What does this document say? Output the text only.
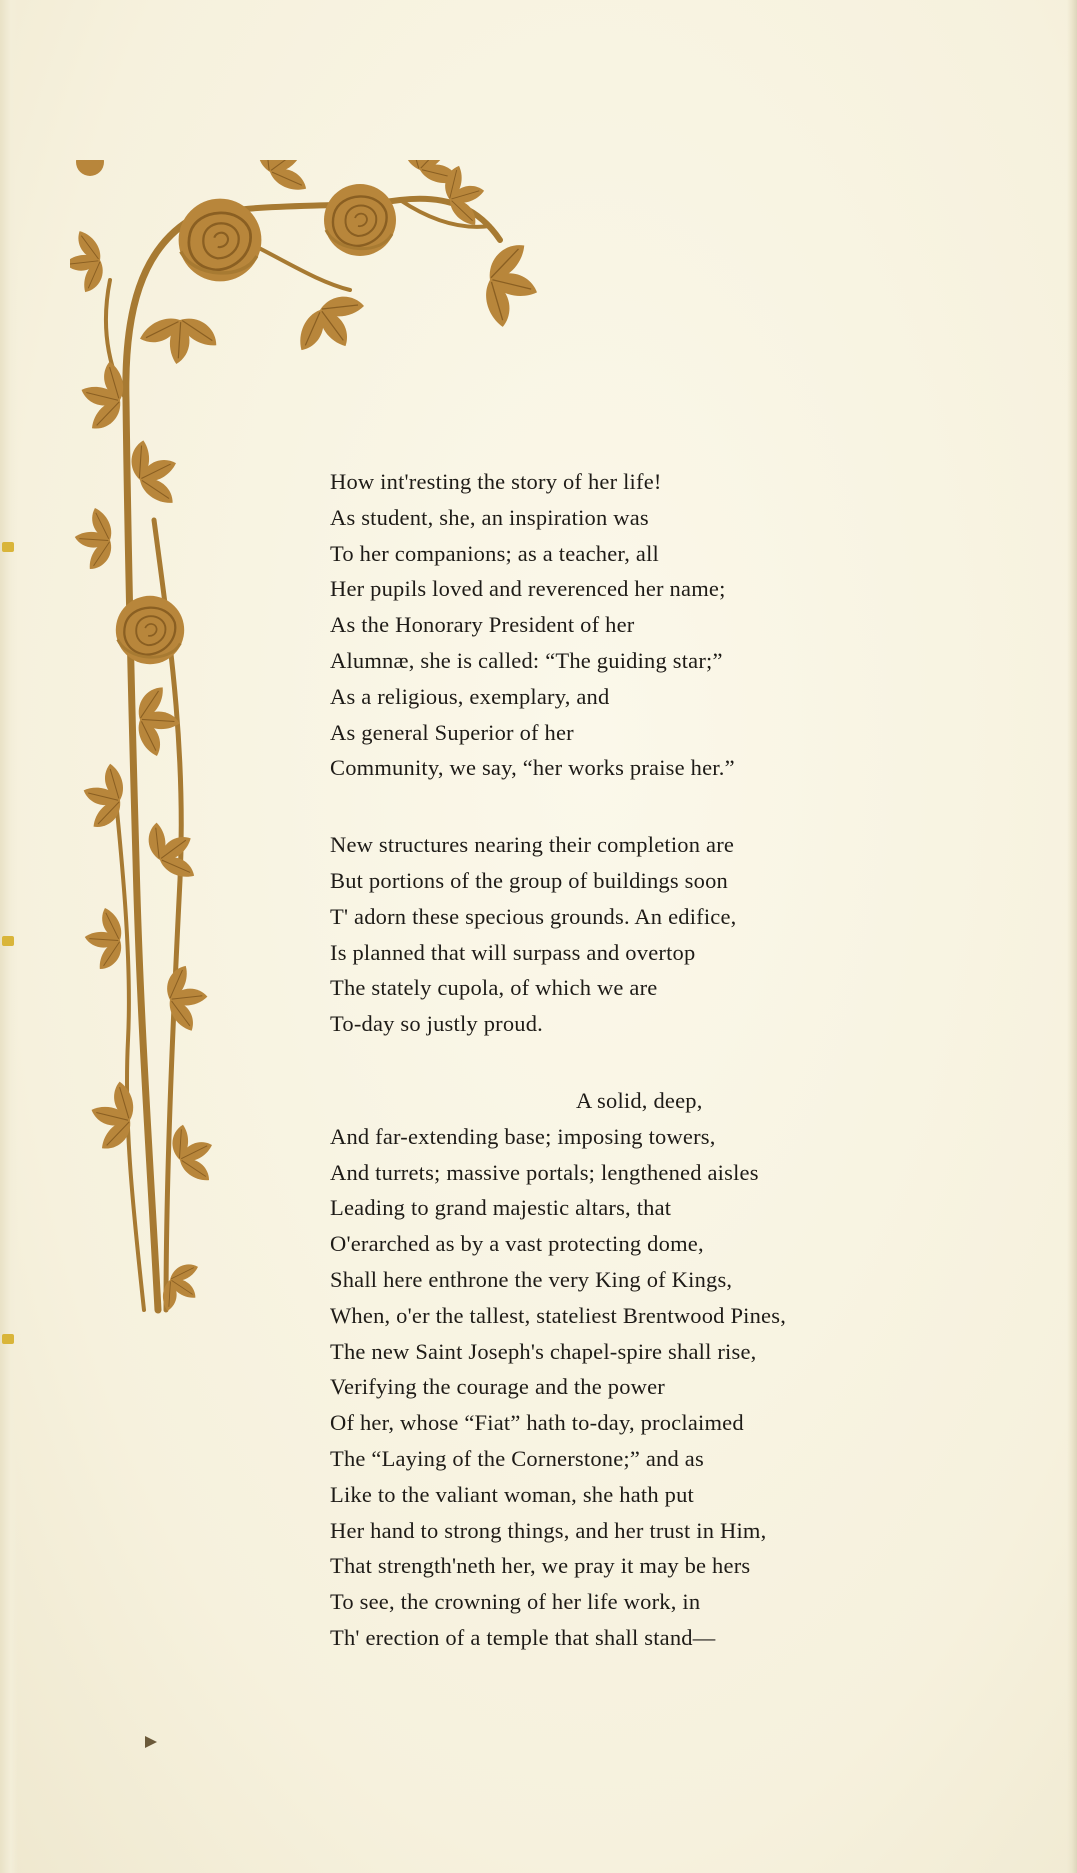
How int'resting the story of her life!
As student, she, an inspiration was
To her companions; as a teacher, all
Her pupils loved and reverenced her name;
As the Honorary President of her
Alumnæ, she is called: “The guiding star;”
As a religious, exemplary, and
As general Superior of her
Community, we say, “her works praise her.”
New structures nearing their completion are
But portions of the group of buildings soon
T' adorn these specious grounds. An edifice,
Is planned that will surpass and overtop
The stately cupola, of which we are
To-day so justly proud.
A solid, deep,
And far-extending base; imposing towers,
And turrets; massive portals; lengthened aisles
Leading to grand majestic altars, that
O'erarched as by a vast protecting dome,
Shall here enthrone the very King of Kings,
When, o'er the tallest, stateliest Brentwood Pines,
The new Saint Joseph's chapel-spire shall rise,
Verifying the courage and the power
Of her, whose “Fiat” hath to-day, proclaimed
The “Laying of the Cornerstone;” and as
Like to the valiant woman, she hath put
Her hand to strong things, and her trust in Him,
That strength'neth her, we pray it may be hers
To see, the crowning of her life work, in
Th' erection of a temple that shall stand—
